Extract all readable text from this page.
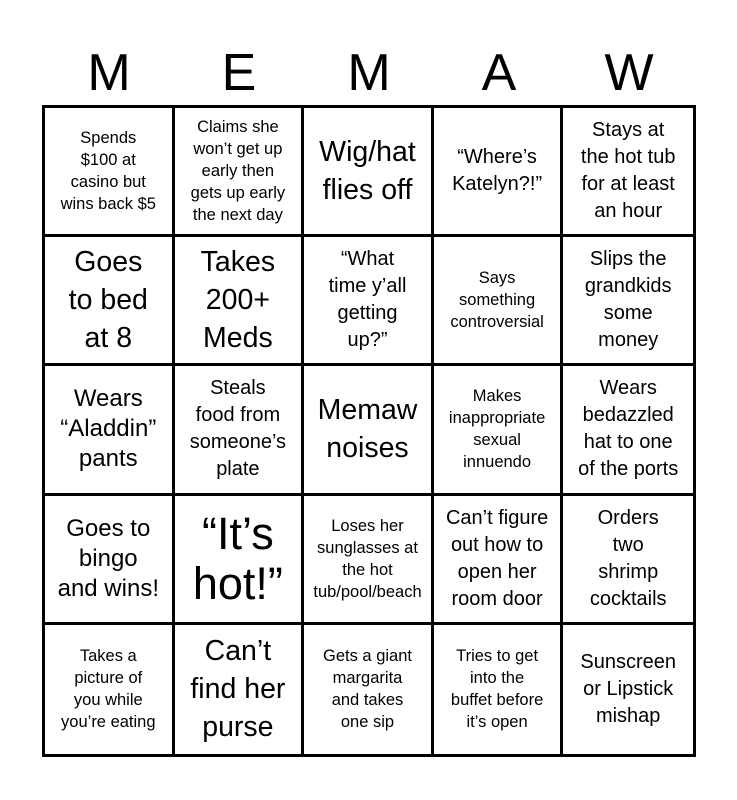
M	E	M	A	W
Spends
$100 at
casino but
wins back $5
Claims she
won’t get up
early then
gets up early
the next day
Wig/hat
flies off
“Where’s
Katelyn?!”
Stays at
the hot tub
for at least
an hour
Goes
to bed
at 8
Takes
200+
Meds
“What
time y’all
getting
up?”
Says
something
controversial
Slips the
grandkids
some
money
Wears
“Aladdin”
pants
Steals
food from
someone’s
plate
Memaw
noises
Makes
inappropriate
sexual
innuendo
Wears
bedazzled
hat to one
of the ports
Goes to
bingo
and wins!
“It’s
hot!”
Loses her
sunglasses at
the hot
tub/pool/beach
Can’t figure
out how to
open her
room door
Orders
two
shrimp
cocktails
Takes a
picture of
you while
you’re eating
Can’t
find her
purse
Gets a giant
margarita
and takes
one sip
Tries to get
into the
buffet before
it’s open
Sunscreen
or Lipstick
mishap
